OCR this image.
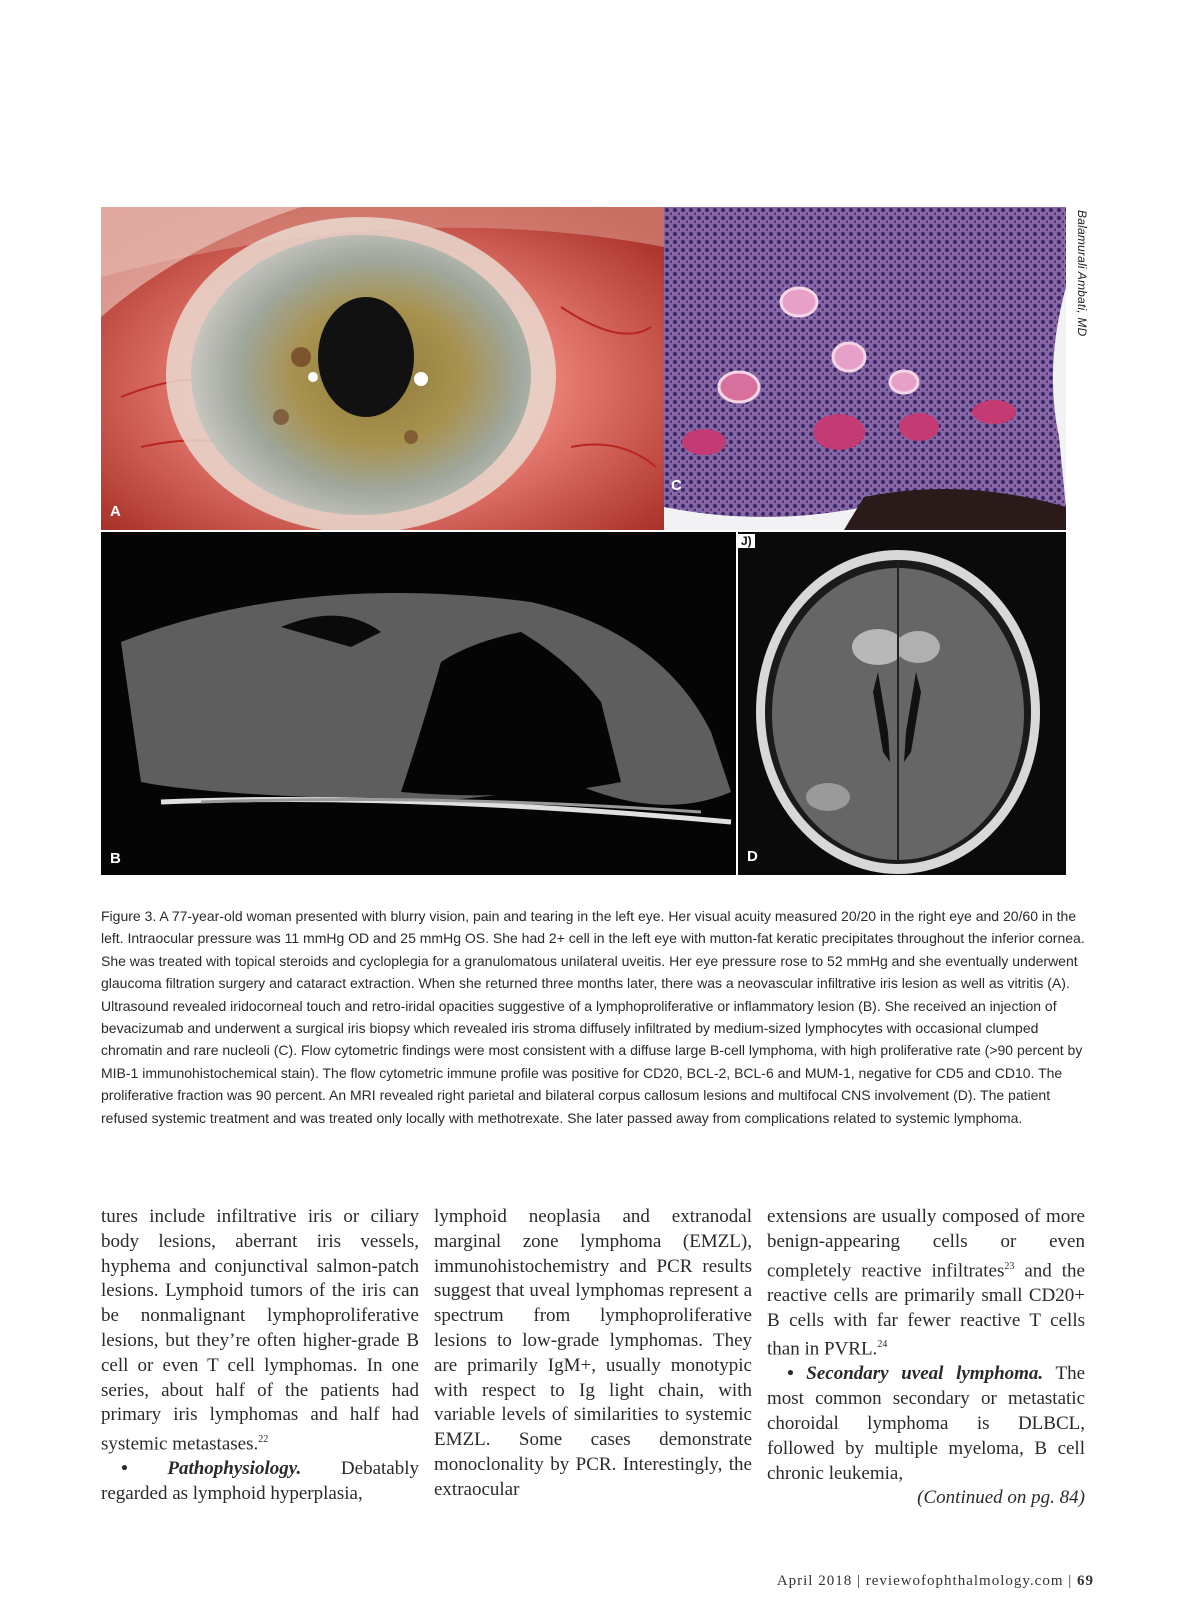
A
C
B
J)
D
Balamurali Ambati, MD

Figure 3. A 77-year-old woman presented with blurry vision, pain and tearing in the left eye. Her visual acuity measured 20/20 in the right eye and 20/60 in the left. Intraocular pressure was 11 mmHg OD and 25 mmHg OS. She had 2+ cell in the left eye with mutton-fat keratic precipitates throughout the inferior cornea. She was treated with topical steroids and cycloplegia for a granulomatous unilateral uveitis. Her eye pressure rose to 52 mmHg and she eventually underwent glaucoma filtration surgery and cataract extraction. When she returned three months later, there was a neovascular infiltrative iris lesion as well as vitritis (A). Ultrasound revealed iridocorneal touch and retro-iridal opacities suggestive of a lymphoproliferative or inflammatory lesion (B). She received an injection of bevacizumab and underwent a surgical iris biopsy which revealed iris stroma diffusely infiltrated by medium-sized lymphocytes with occasional clumped chromatin and rare nucleoli (C). Flow cytometric findings were most consistent with a diffuse large B-cell lymphoma, with high proliferative rate (>90 percent by MIB-1 immunohistochemical stain). The flow cytometric immune profile was positive for CD20, BCL-2, BCL-6 and MUM-1, negative for CD5 and CD10. The proliferative fraction was 90 percent. An MRI revealed right parietal and bilateral corpus callosum lesions and multifocal CNS involvement (D). The patient refused systemic treatment and was treated only locally with methotrexate. She later passed away from complications related to systemic lymphoma.

tures include infiltrative iris or ciliary body lesions, aberrant iris vessels, hyphema and conjunctival salmon-patch lesions. Lymphoid tumors of the iris can be nonmalignant lymphoproliferative lesions, but they’re often higher-grade B cell or even T cell lymphomas. In one series, about half of the patients had primary iris lymphomas and half had systemic metastases.$^{22}$

• Pathophysiology. Debatably regarded as lymphoid hyperplasia,

lymphoid neoplasia and extranodal marginal zone lymphoma (EMZL), immunohistochemistry and PCR results suggest that uveal lymphomas represent a spectrum from lymphoproliferative lesions to low-grade lymphomas. They are primarily IgM+, usually monotypic with respect to Ig light chain, with variable levels of similarities to systemic EMZL. Some cases demonstrate monoclonality by PCR. Interestingly, the extraocular

extensions are usually composed of more benign-appearing cells or even completely reactive infiltrates$^{23}$ and the reactive cells are primarily small CD20+ B cells with far fewer reactive T cells than in PVRL.$^{24}$

• Secondary uveal lymphoma. The most common secondary or metastatic choroidal lymphoma is DLBCL, followed by multiple myeloma, B cell chronic leukemia,

(Continued on pg. 84)

April 2018 | reviewofophthalmology.com | 69
